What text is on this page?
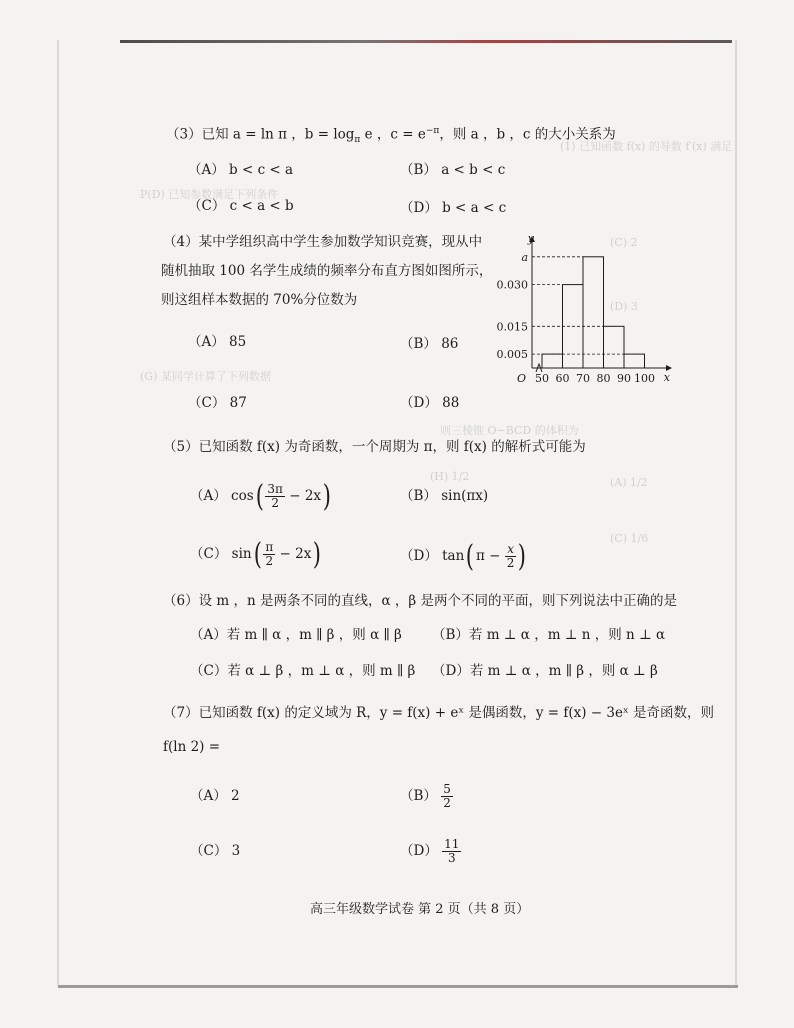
(1) 已知函数 f(x) 的导数 f′(x) 满足
P(D) 已知参数满足下列条件
(C) 2
(D) 3
(G) 某同学计算了下列数据
则三棱锥 O−BCD 的体积为
(H) 1/2	(A) 1/2
(C) 1/6
（3）已知 a = ln π ，$b = \log_\pi e$ ，$c = e^{-\pi}$，则 a ，b ，c 的大小关系为
（A） b < c < a	（B） a < b < c
（C） c < a < b	（D） b < a < c
（4）某中学组织高中学生参加数学知识竞赛，现从中
随机抽取 100 名学生成绩的频率分布直方图如图所示，
则这组样本数据的 70%分位数为
（A） 85	（B） 86
（C） 87	（D） 88
y
x
O
0.005
0.015
0.030
a
50 60 70 80 90 100
（5）已知函数 f(x) 为奇函数，一个周期为 π，则 f(x) 的解析式可能为
（A） $\cos( \frac{3\pi}{2} - 2x)$	（B） sin(πx)
（C） $\sin( \frac{\pi}{2} - 2x)$	（D） tan( $\pi - \frac{x}{2}$ )
（6）设 m ，n 是两条不同的直线，α ，β 是两个不同的平面，则下列说法中正确的是
（A）若 m ∥ α ，m ∥ β ，则 α ∥ β （B）若 m ⊥ α ，m ⊥ n ，则 n ⊥ α
（C）若 α ⊥ β ，m ⊥ α ，则 m ∥ β （D）若 m ⊥ α ，m ∥ β ，则 α ⊥ β
（7）已知函数 f(x) 的定义域为 R，y = f(x) + eˣ 是偶函数，y = f(x) − 3eˣ 是奇函数，则
f(ln 2) =
（A） 2	$(B) \frac{5}{2}$
（C） 3	$(D) \frac{11}{3}$
高三年级数学试卷 第 2 页（共 8 页）
